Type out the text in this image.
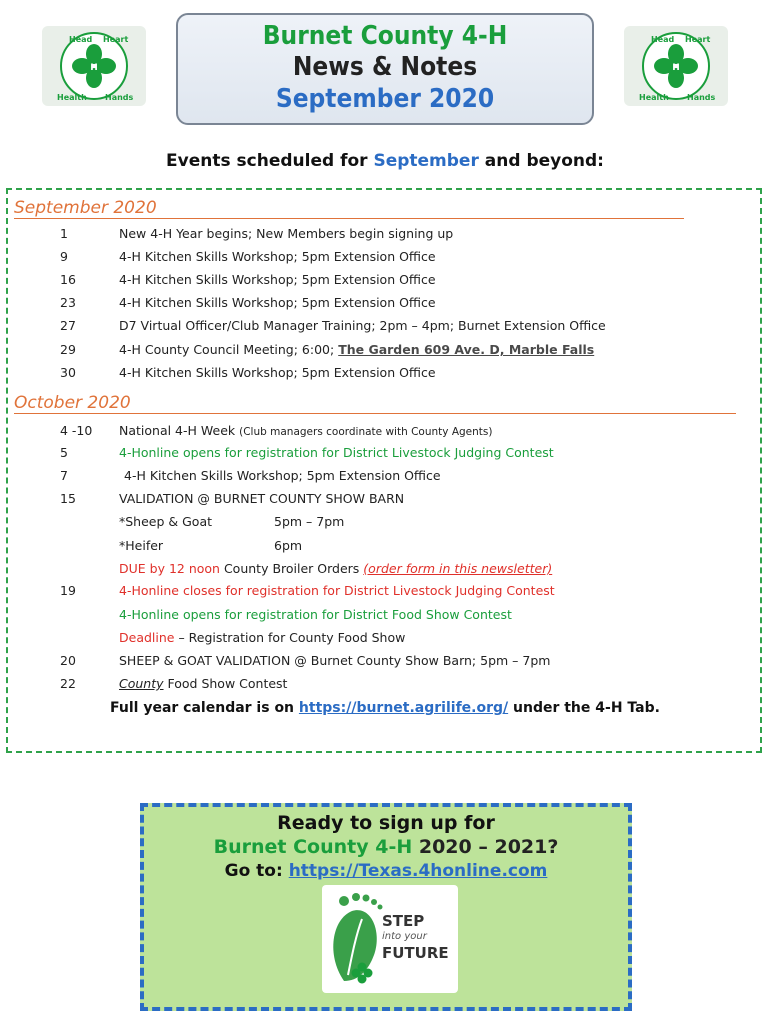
H
Head Heart
Hands
Health
Burnet County 4-H
News & Notes
September 2020
H
Head Heart
Hands
Health
Events scheduled for September and beyond:
September 2020
1	New 4-H Year begins; New Members begin signing up
9	4-H Kitchen Skills Workshop; 5pm Extension Office
16	4-H Kitchen Skills Workshop; 5pm Extension Office
23	4-H Kitchen Skills Workshop; 5pm Extension Office
27	D7 Virtual Officer/Club Manager Training; 2pm – 4pm; Burnet Extension Office
29	4-H County Council Meeting; 6:00; The Garden 609 Ave. D, Marble Falls
30	4-H Kitchen Skills Workshop; 5pm Extension Office
October 2020
4 -10	National 4-H Week (Club managers coordinate with County Agents)
5	4-Honline opens for registration for District Livestock Judging Contest
7	4-H Kitchen Skills Workshop; 5pm Extension Office
15	VALIDATION @ BURNET COUNTY SHOW BARN
*Sheep & Goat	5pm – 7pm
*Heifer	6pm
DUE by 12 noon County Broiler Orders (order form in this newsletter)
19	4-Honline closes for registration for District Livestock Judging Contest
4-Honline opens for registration for District Food Show Contest
Deadline – Registration for County Food Show
20	SHEEP & GOAT VALIDATION @ Burnet County Show Barn; 5pm – 7pm
22	County Food Show Contest
Full year calendar is on https://burnet.agrilife.org/ under the 4-H Tab.
Ready to sign up for
Burnet County 4-H 2020 – 2021?
Go to: https://Texas.4honline.com
STEP
into your
FUTURE
